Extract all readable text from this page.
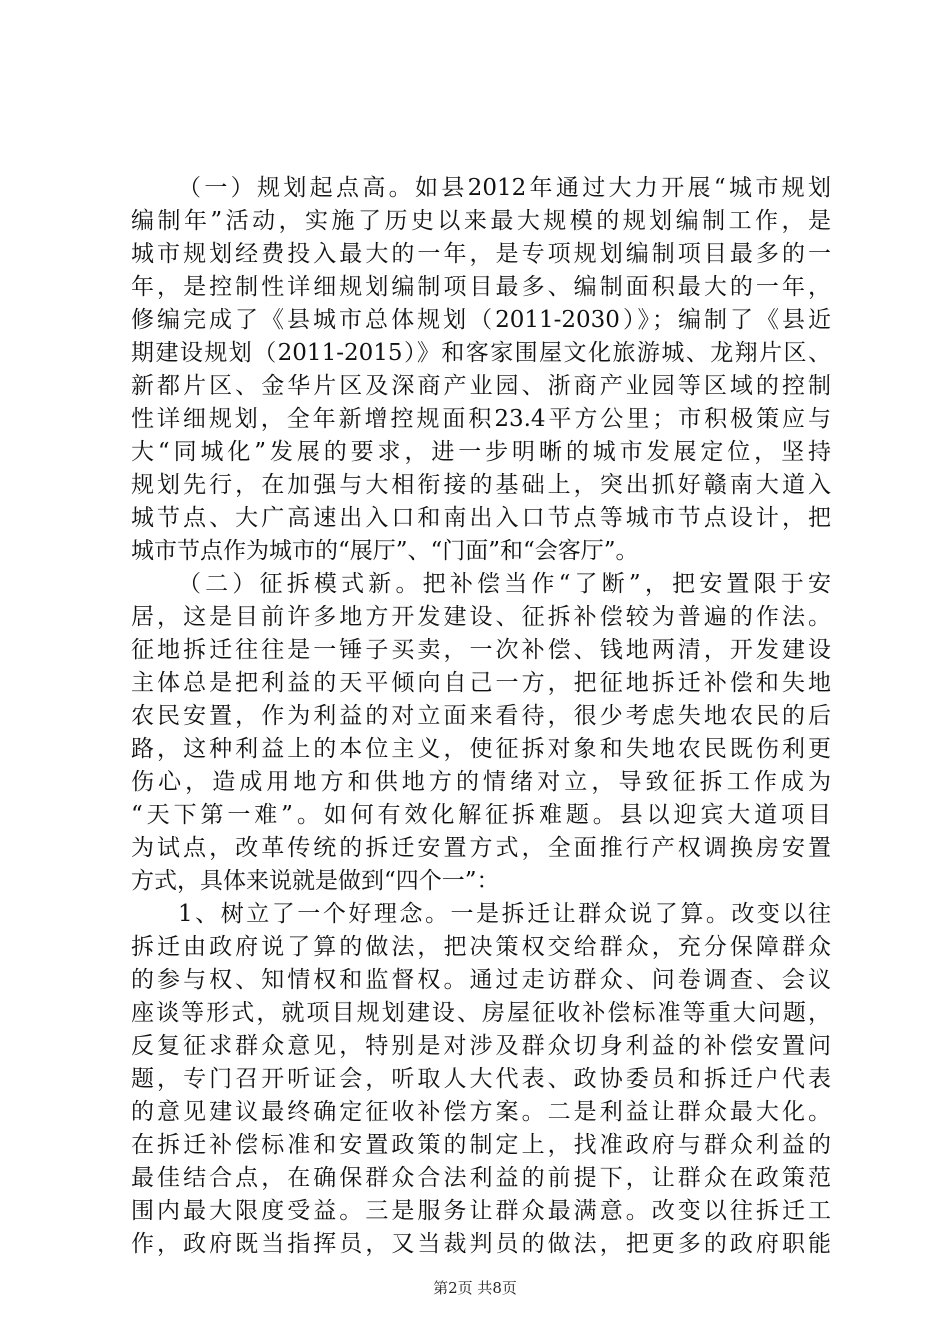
（一）规划起点高。如县2012年通过大力开展“城市规划
编制年”活动，实施了历史以来最大规模的规划编制工作，是
城市规划经费投入最大的一年，是专项规划编制项目最多的一
年，是控制性详细规划编制项目最多、编制面积最大的一年，
修编完成了《县城市总体规划（2011-2030）》；编制了《县近
期建设规划（2011-2015）》和客家围屋文化旅游城、龙翔片区、
新都片区、金华片区及深商产业园、浙商产业园等区域的控制
性详细规划，全年新增控规面积23.4平方公里；市积极策应与
大“同城化”发展的要求，进一步明晰的城市发展定位，坚持
规划先行，在加强与大相衔接的基础上，突出抓好赣南大道入
城节点、大广高速出入口和南出入口节点等城市节点设计，把
城市节点作为城市的“展厅”、“门面”和“会客厅”。
（二）征拆模式新。把补偿当作“了断”，把安置限于安
居，这是目前许多地方开发建设、征拆补偿较为普遍的作法。
征地拆迁往往是一锤子买卖，一次补偿、钱地两清，开发建设
主体总是把利益的天平倾向自己一方，把征地拆迁补偿和失地
农民安置，作为利益的对立面来看待，很少考虑失地农民的后
路，这种利益上的本位主义，使征拆对象和失地农民既伤利更
伤心，造成用地方和供地方的情绪对立，导致征拆工作成为
“天下第一难”。如何有效化解征拆难题。县以迎宾大道项目
为试点，改革传统的拆迁安置方式，全面推行产权调换房安置
方式，具体来说就是做到“四个一”：
1、树立了一个好理念。一是拆迁让群众说了算。改变以往
拆迁由政府说了算的做法，把决策权交给群众，充分保障群众
的参与权、知情权和监督权。通过走访群众、问卷调查、会议
座谈等形式，就项目规划建设、房屋征收补偿标准等重大问题，
反复征求群众意见，特别是对涉及群众切身利益的补偿安置问
题，专门召开听证会，听取人大代表、政协委员和拆迁户代表
的意见建议最终确定征收补偿方案。二是利益让群众最大化。
在拆迁补偿标准和安置政策的制定上，找准政府与群众利益的
最佳结合点，在确保群众合法利益的前提下，让群众在政策范
围内最大限度受益。三是服务让群众最满意。改变以往拆迁工
作，政府既当指挥员，又当裁判员的做法，把更多的政府职能
第2页 共8页
